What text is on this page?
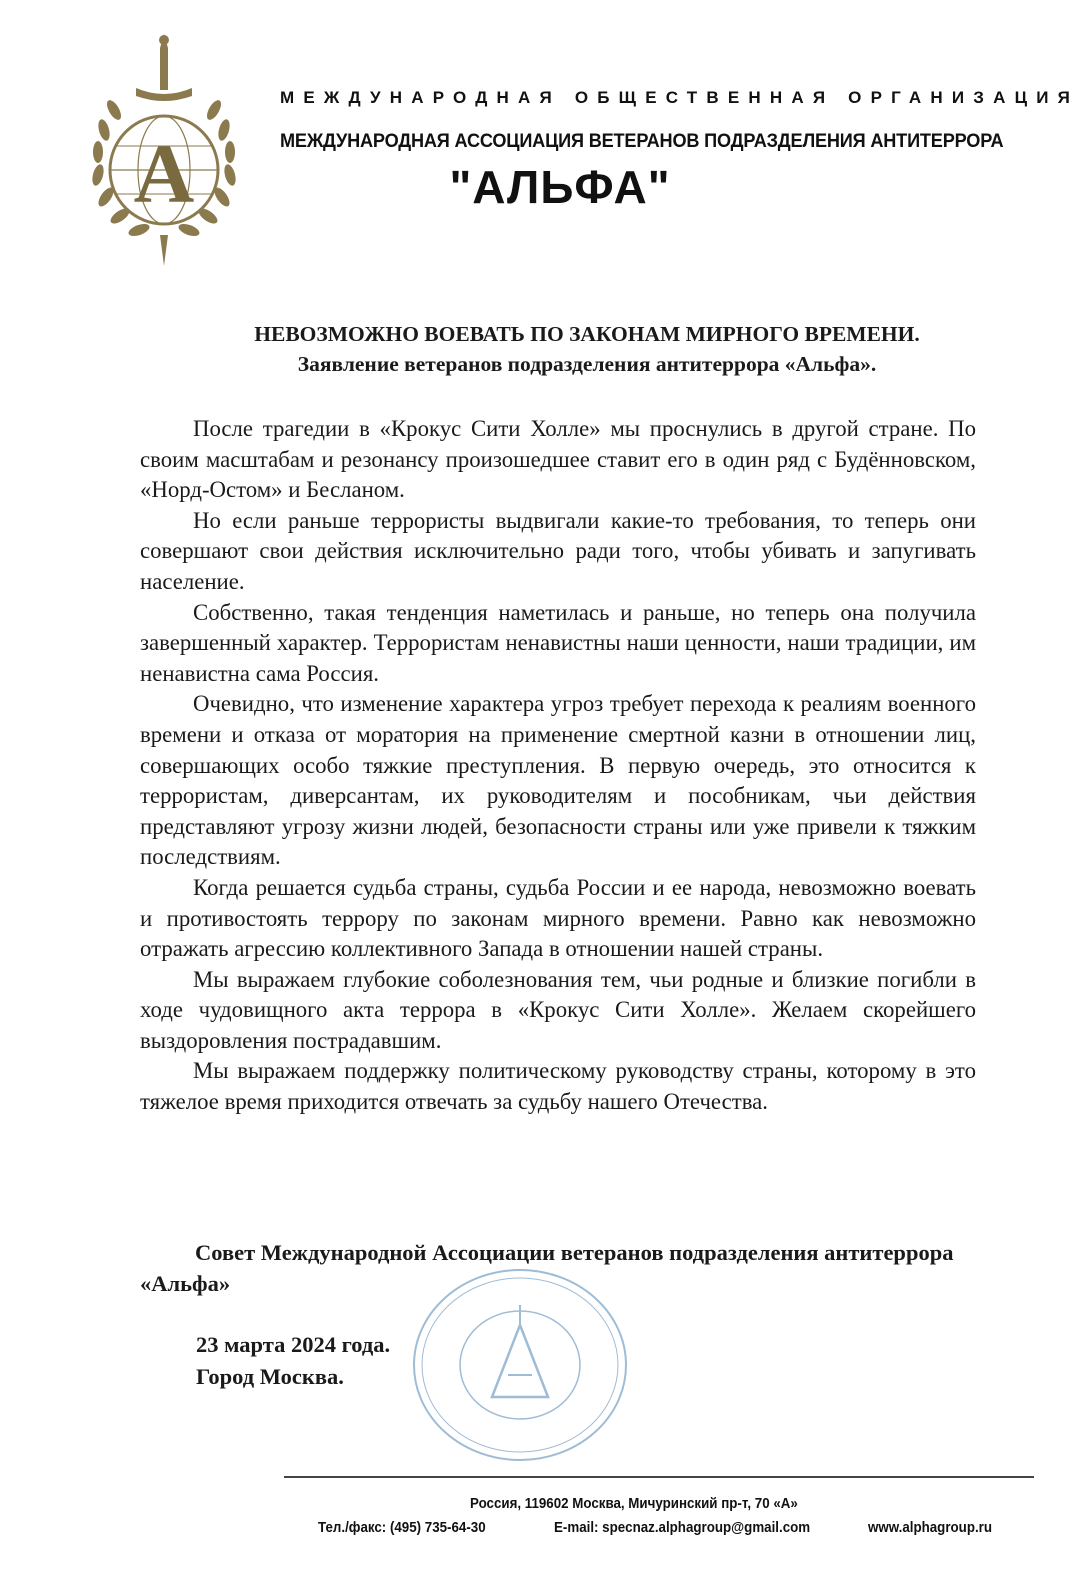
А
МЕЖДУНАРОДНАЯ ОБЩЕСТВЕННАЯ ОРГАНИЗАЦИЯ
МЕЖДУНАРОДНАЯ АССОЦИАЦИЯ ВЕТЕРАНОВ ПОДРАЗДЕЛЕНИЯ АНТИТЕРРОРА
"АЛЬФА"
НЕВОЗМОЖНО ВОЕВАТЬ ПО ЗАКОНАМ МИРНОГО ВРЕМЕНИ.
Заявление ветеранов подразделения антитеррора «Альфа».

После трагедии в «Крокус Сити Холле» мы проснулись в другой стране. По своим масштабам и резонансу произошедшее ставит его в один ряд с Будённовском, «Норд-Остом» и Бесланом.

Но если раньше террористы выдвигали какие-то требования, то теперь они совершают свои действия исключительно ради того, чтобы убивать и запугивать население.

Собственно, такая тенденция наметилась и раньше, но теперь она получила завершенный характер. Террористам ненавистны наши ценности, наши традиции, им ненавистна сама Россия.

Очевидно, что изменение характера угроз требует перехода к реалиям военного времени и отказа от моратория на применение смертной казни в отношении лиц, совершающих особо тяжкие преступления. В первую очередь, это относится к террористам, диверсантам, их руководителям и пособникам, чьи действия представляют угрозу жизни людей, безопасности страны или уже привели к тяжким последствиям.

Когда решается судьба страны, судьба России и ее народа, невозможно воевать и противостоять террору по законам мирного времени. Равно как невозможно отражать агрессию коллективного Запада в отношении нашей страны.

Мы выражаем глубокие соболезнования тем, чьи родные и близкие погибли в ходе чудовищного акта террора в «Крокус Сити Холле». Желаем скорейшего выздоровления пострадавшим.

Мы выражаем поддержку политическому руководству страны, которому в это тяжелое время приходится отвечать за судьбу нашего Отечества.

Совет Международной Ассоциации ветеранов подразделения антитеррора «Альфа»
23 марта 2024 года.
Город Москва.
Россия, 119602 Москва, Мичуринский пр-т, 70 «А»
Тел./факс: (495) 735-64-30	E-mail: specnaz.alphagroup@gmail.com	www.alphagroup.ru
